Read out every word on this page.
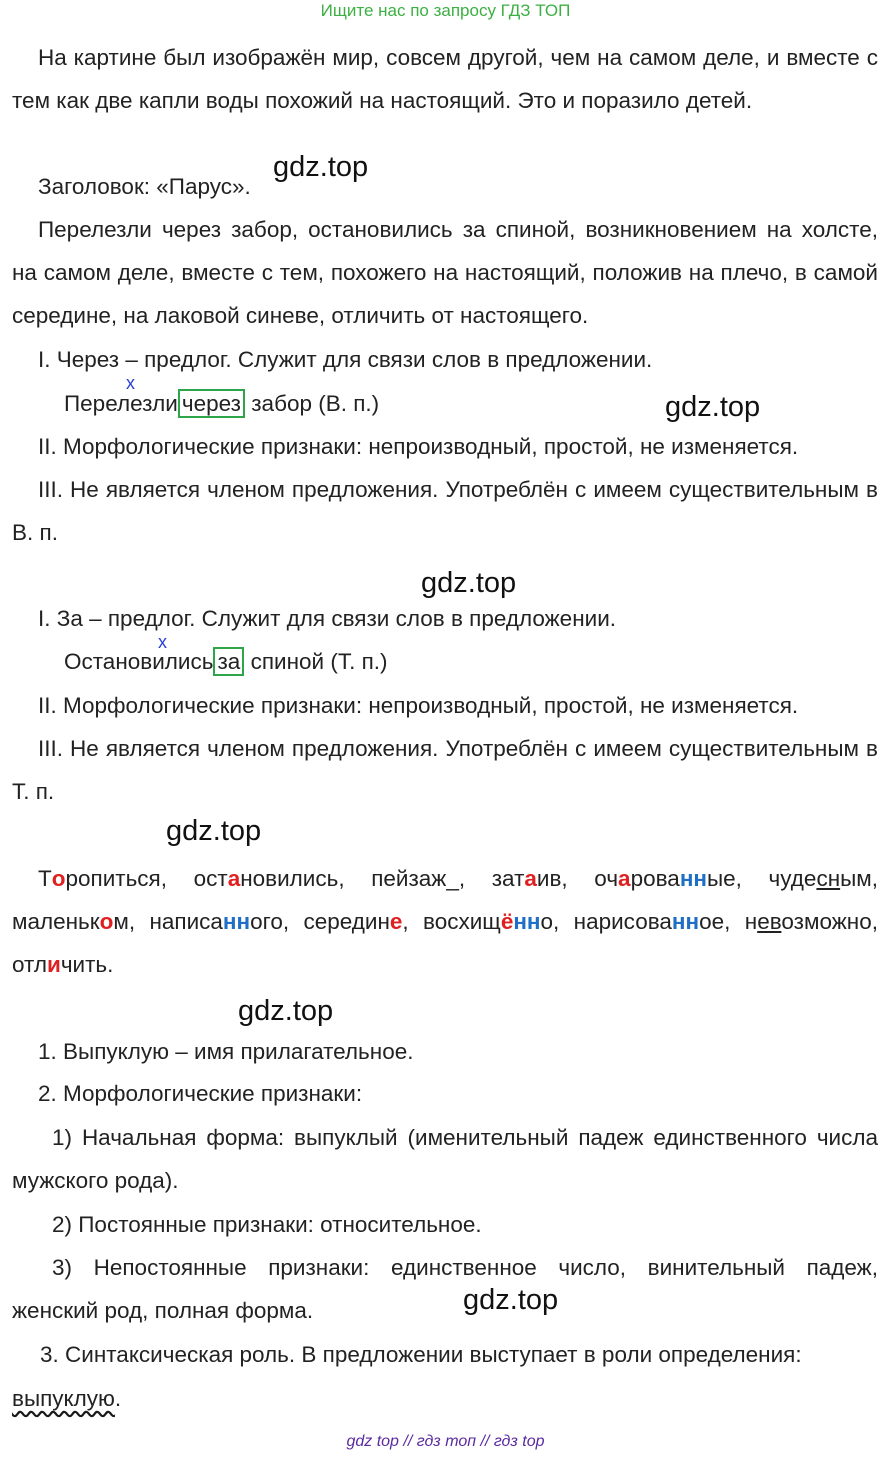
Ищите нас по запросу ГДЗ ТОП
На картине был изображён мир, совсем другой, чем на самом деле, и вместе с тем как две капли воды похожий на настоящий. Это и поразило детей.
Заголовок: «Парус».
Перелезли через забор, остановились за спиной, возникновением на холсте, на самом деле, вместе с тем, похожего на настоящий, положив на плечо, в самой середине, на лаковой синеве, отличить от настоящего.
gdz.top
I. Через – предлог. Служит для связи слов в предложении.
x
Перелезли через забор (В. п.)	gdz.top
II. Морфологические признаки: непроизводный, простой, не изменяется.
III. Не является членом предложения. Употреблён с имеем существительным в В. п.
gdz.top
I. За – предлог. Служит для связи слов в предложении.
x
Остановились за спиной (Т. п.)
II. Морфологические признаки: непроизводный, простой, не изменяется.
III. Не является членом предложения. Употреблён с имеем существительным в Т. п.
gdz.top
Торопиться, остановились, пейзаж_, затаив, очарованные, чудесным, маленьком, написанного, середине, восхищённо, нарисованное, невозможно, отличить.
gdz.top
1. Выпуклую – имя прилагательное.
2. Морфологические признаки:
1) Начальная форма: выпуклый (именительный падеж единственного числа мужского рода).
2) Постоянные признаки: относительное.
3) Непостоянные признаки: единственное число, винительный падеж, женский род, полная форма.	gdz.top
3. Синтаксическая роль. В предложении выступает в роли определения:
выпуклую.
gdz top // гдз топ // гдз top
